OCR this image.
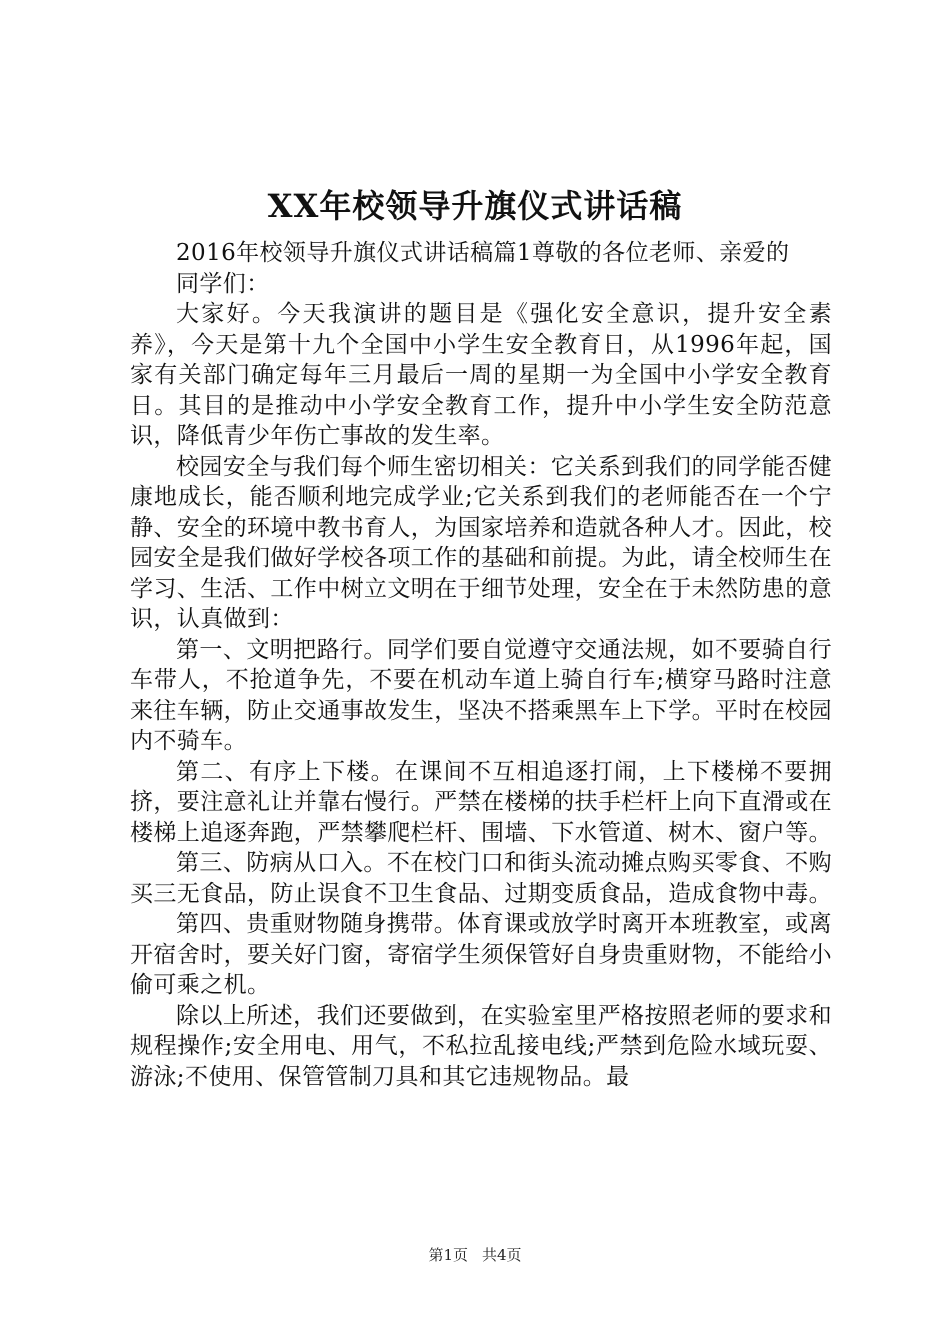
XX年校领导升旗仪式讲话稿

2016年校领导升旗仪式讲话稿篇1尊敬的各位老师、亲爱的

同学们：

大家好。今天我演讲的题目是《强化安全意识，提升安全素养》，今天是第十九个全国中小学生安全教育日，从1996年起，国家有关部门确定每年三月最后一周的星期一为全国中小学安全教育日。其目的是推动中小学安全教育工作，提升中小学生安全防范意识，降低青少年伤亡事故的发生率。

校园安全与我们每个师生密切相关：它关系到我们的同学能否健康地成长，能否顺利地完成学业;它关系到我们的老师能否在一个宁静、安全的环境中教书育人，为国家培养和造就各种人才。因此，校园安全是我们做好学校各项工作的基础和前提。为此，请全校师生在学习、生活、工作中树立文明在于细节处理，安全在于未然防患的意识，认真做到：

第一、文明把路行。同学们要自觉遵守交通法规，如不要骑自行车带人，不抢道争先，不要在机动车道上骑自行车;横穿马路时注意来往车辆，防止交通事故发生，坚决不搭乘黑车上下学。平时在校园内不骑车。

第二、有序上下楼。在课间不互相追逐打闹，上下楼梯不要拥挤，要注意礼让并靠右慢行。严禁在楼梯的扶手栏杆上向下直滑或在楼梯上追逐奔跑，严禁攀爬栏杆、围墙、下水管道、树木、窗户等。

第三、防病从口入。不在校门口和街头流动摊点购买零食、不购买三无食品，防止误食不卫生食品、过期变质食品，造成食物中毒。

第四、贵重财物随身携带。体育课或放学时离开本班教室，或离开宿舍时，要关好门窗，寄宿学生须保管好自身贵重财物，不能给小偷可乘之机。

除以上所述，我们还要做到，在实验室里严格按照老师的要求和规程操作;安全用电、用气，不私拉乱接电线;严禁到危险水域玩耍、游泳;不使用、保管管制刀具和其它违规物品。最

第1页 共4页
